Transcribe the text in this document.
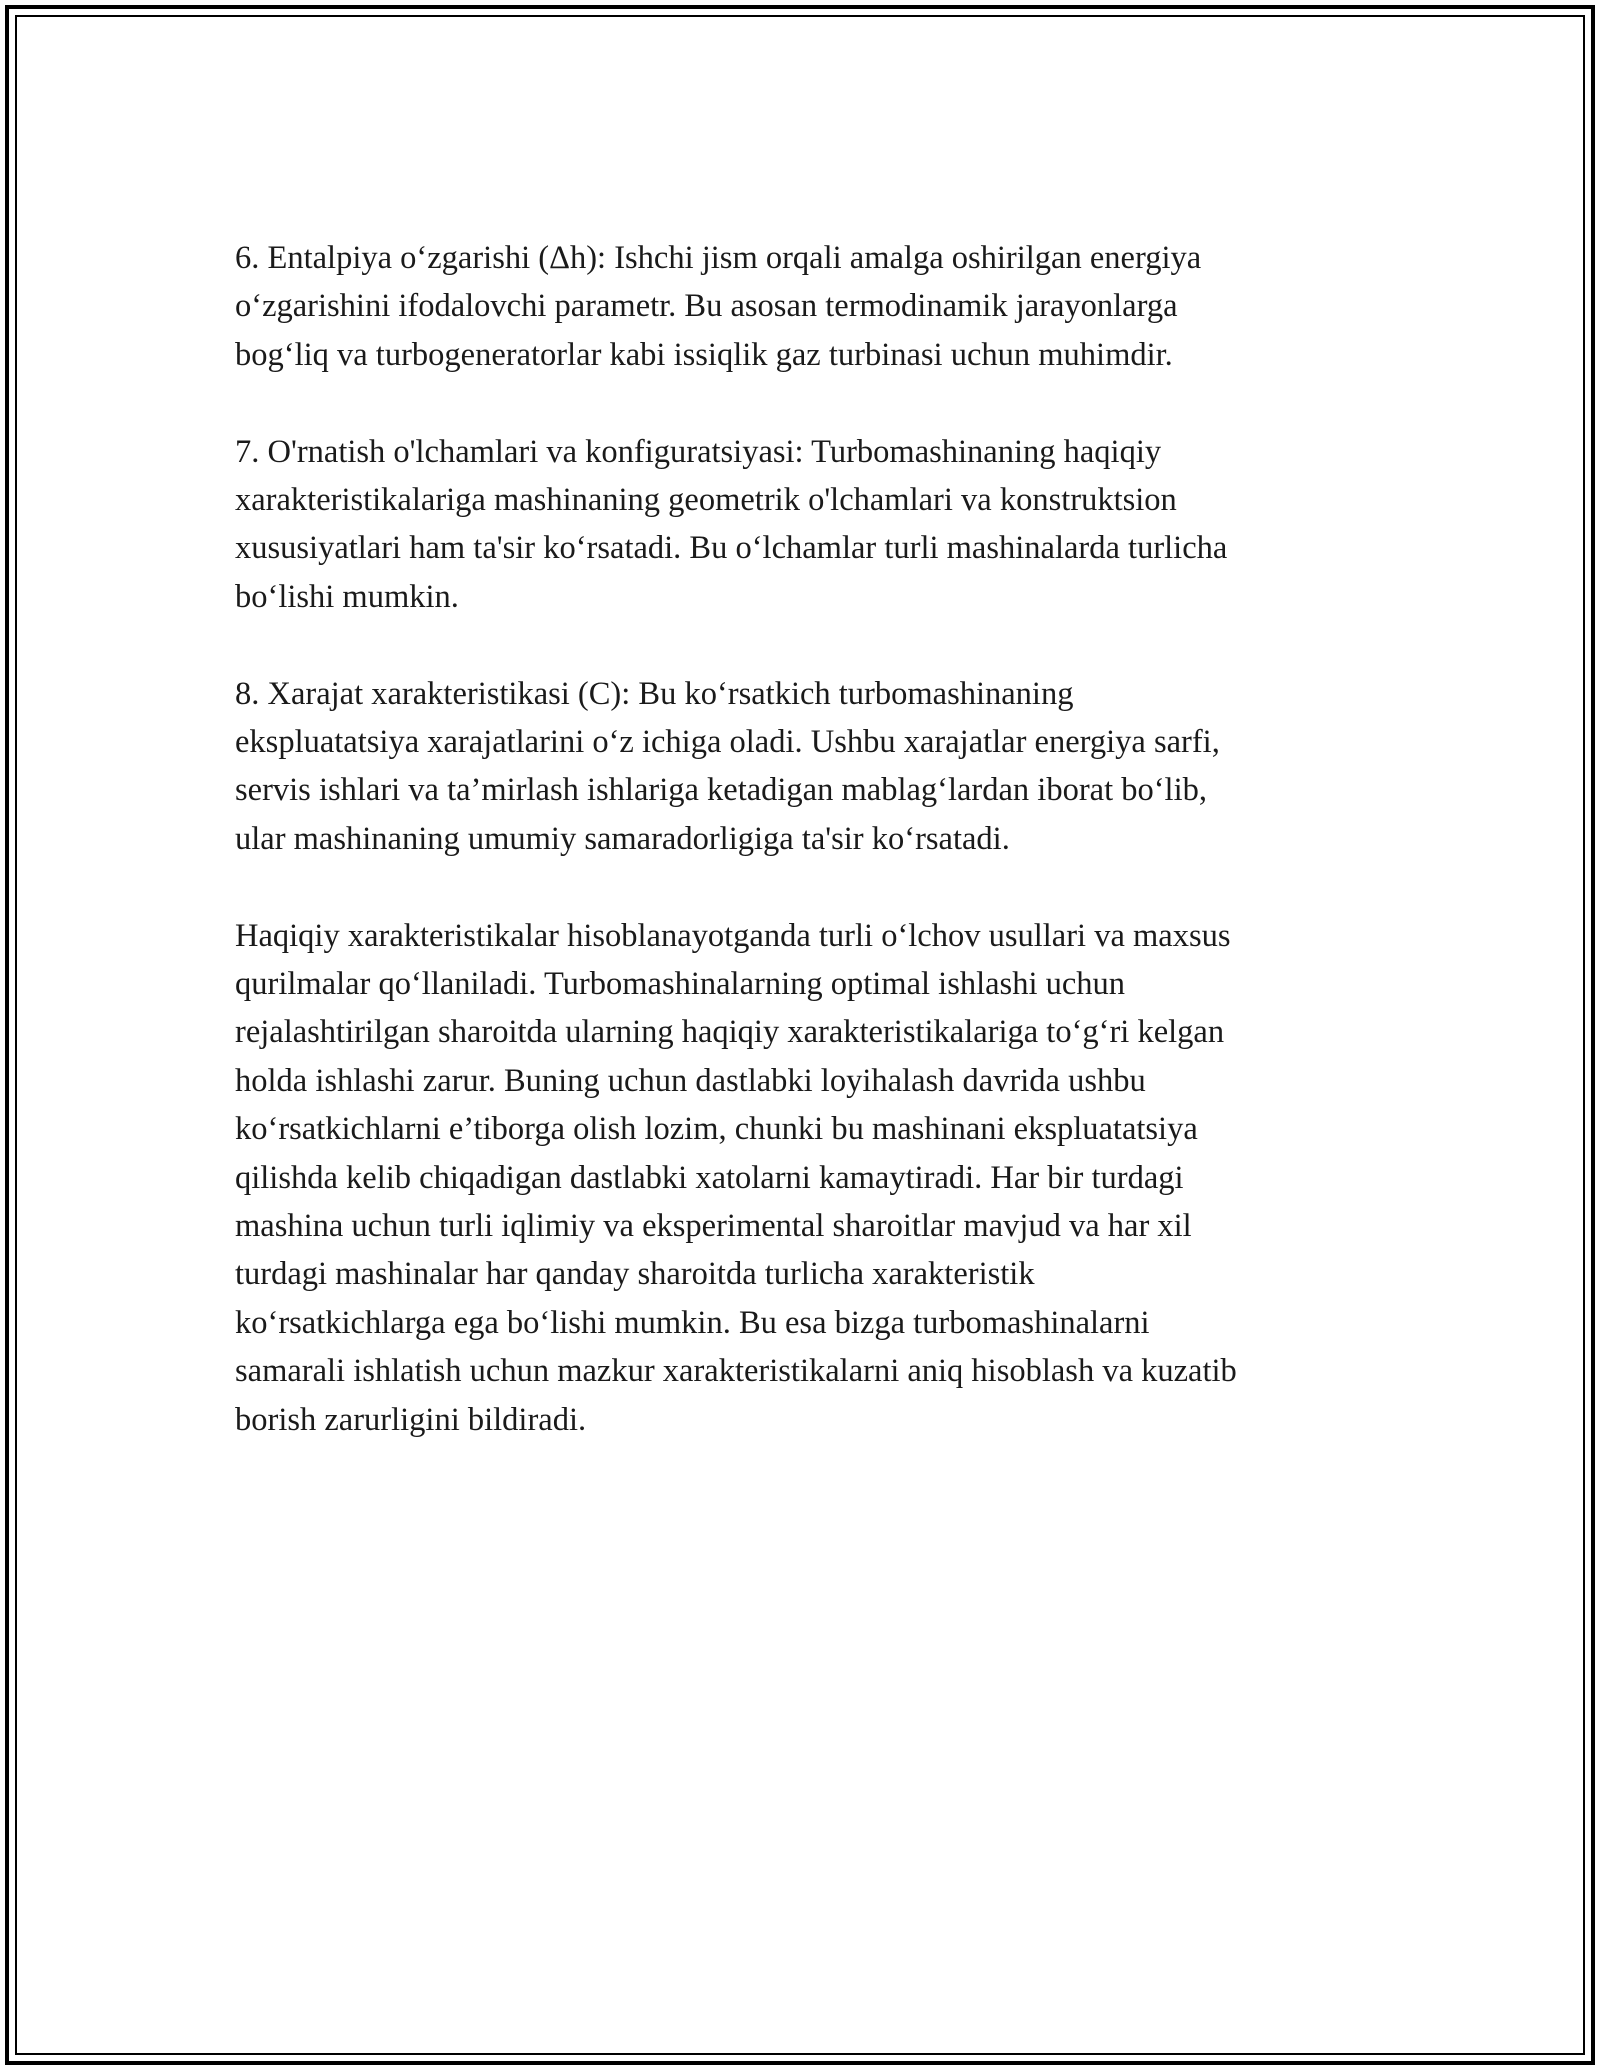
6. Entalpiya o‘zgarishi (Δh): Ishchi jism orqali amalga oshirilgan energiya
o‘zgarishini ifodalovchi parametr. Bu asosan termodinamik jarayonlarga
bog‘liq va turbogeneratorlar kabi issiqlik gaz turbinasi uchun muhimdir.

7. O'rnatish o'lchamlari va konfiguratsiyasi: Turbomashinaning haqiqiy
xarakteristikalariga mashinaning geometrik o'lchamlari va konstruktsion
xususiyatlari ham ta'sir ko‘rsatadi. Bu o‘lchamlar turli mashinalarda turlicha
bo‘lishi mumkin.

8. Xarajat xarakteristikasi (C): Bu ko‘rsatkich turbomashinaning
ekspluatatsiya xarajatlarini o‘z ichiga oladi. Ushbu xarajatlar energiya sarfi,
servis ishlari va ta’mirlash ishlariga ketadigan mablag‘lardan iborat bo‘lib,
ular mashinaning umumiy samaradorligiga ta'sir ko‘rsatadi.

Haqiqiy xarakteristikalar hisoblanayotganda turli o‘lchov usullari va maxsus
qurilmalar qo‘llaniladi. Turbomashinalarning optimal ishlashi uchun
rejalashtirilgan sharoitda ularning haqiqiy xarakteristikalariga to‘g‘ri kelgan
holda ishlashi zarur. Buning uchun dastlabki loyihalash davrida ushbu
ko‘rsatkichlarni e’tiborga olish lozim, chunki bu mashinani ekspluatatsiya
qilishda kelib chiqadigan dastlabki xatolarni kamaytiradi. Har bir turdagi
mashina uchun turli iqlimiy va eksperimental sharoitlar mavjud va har xil
turdagi mashinalar har qanday sharoitda turlicha xarakteristik
ko‘rsatkichlarga ega bo‘lishi mumkin. Bu esa bizga turbomashinalarni
samarali ishlatish uchun mazkur xarakteristikalarni aniq hisoblash va kuzatib
borish zarurligini bildiradi.
